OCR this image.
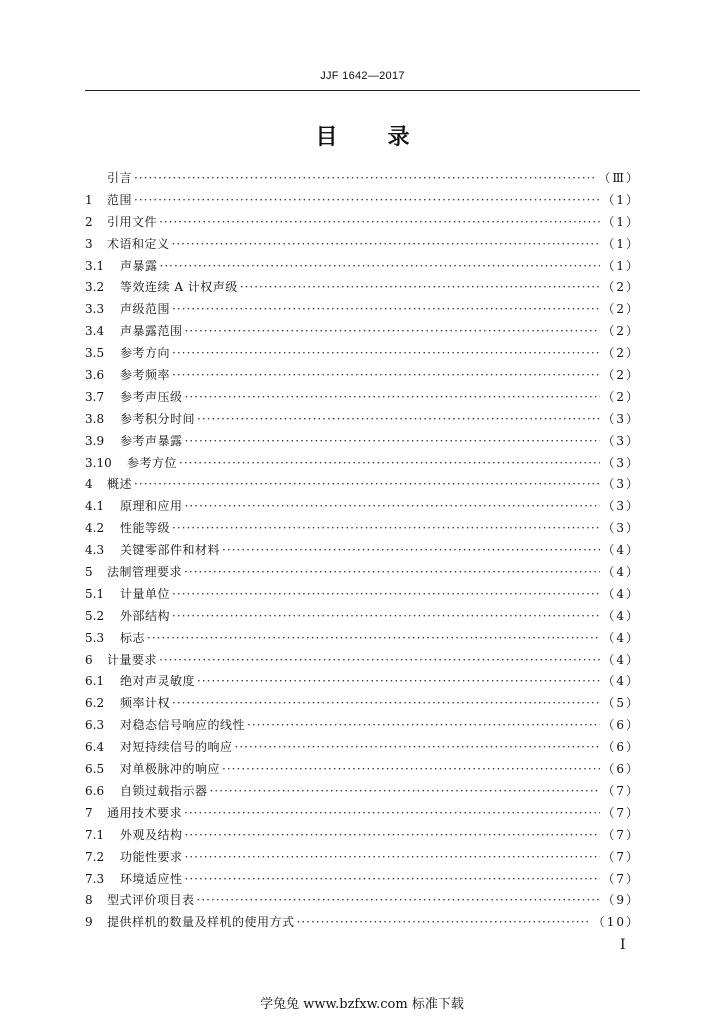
JJF 1642—2017
目 录
引言 ·····	（Ⅲ）
1	范围 ·····	（1）
2	引用文件 ·····	（1）
3	术语和定义 ·····	（1）
3.1	声暴露 ·····	（1）
3.2	等效连续 A 计权声级 ·····	（2）
3.3	声级范围 ·····	（2）
3.4	声暴露范围 ·····	（2）
3.5	参考方向 ·····	（2）
3.6	参考频率 ·····	（2）
3.7	参考声压级 ·····	（2）
3.8	参考积分时间 ·····	（3）
3.9	参考声暴露 ·····	（3）
3.10	参考方位 ·····	（3）
4	概述 ·····	（3）
4.1	原理和应用 ·····	（3）
4.2	性能等级 ·····	（3）
4.3	关键零部件和材料 ·····	（4）
5	法制管理要求 ·····	（4）
5.1	计量单位 ·····	（4）
5.2	外部结构 ·····	（4）
5.3	标志 ·····	（4）
6	计量要求 ·····	（4）
6.1	绝对声灵敏度 ·····	（4）
6.2	频率计权 ·····	（5）
6.3	对稳态信号响应的线性 ·····	（6）
6.4	对短持续信号的响应 ·····	（6）
6.5	对单极脉冲的响应 ·····	（6）
6.6	自锁过载指示器 ·····	（7）
7	通用技术要求 ·····	（7）
7.1	外观及结构 ·····	（7）
7.2	功能性要求 ·····	（7）
7.3	环境适应性 ·····	（7）
8	型式评价项目表 ·····	（9）
9	提供样机的数量及样机的使用方式 ·····	（10）
I
学兔兔 www.bzfxw.com 标准下载
